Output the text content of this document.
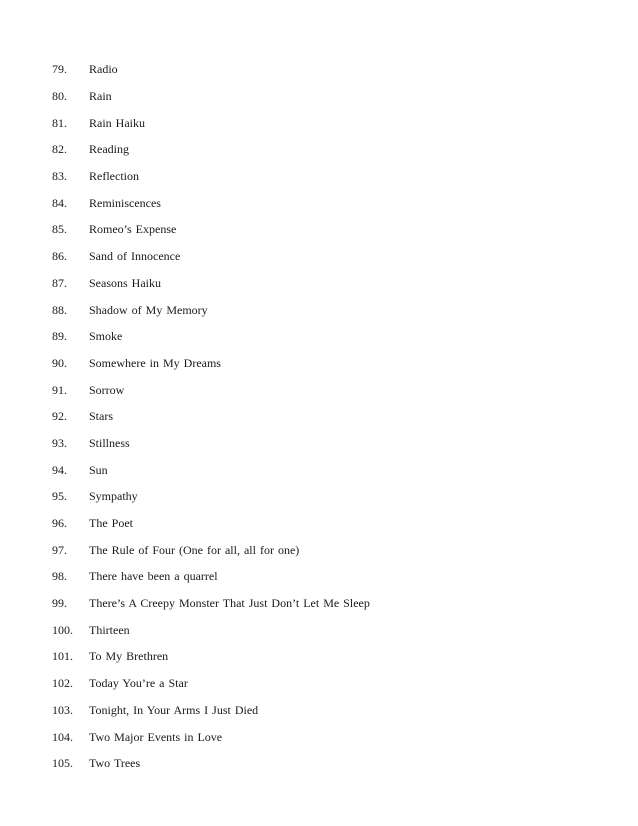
79.	Radio
80.	Rain
81.	Rain Haiku
82.	Reading
83.	Reflection
84.	Reminiscences
85.	Romeo’s Expense
86.	Sand of Innocence
87.	Seasons Haiku
88.	Shadow of My Memory
89.	Smoke
90.	Somewhere in My Dreams
91.	Sorrow
92.	Stars
93.	Stillness
94.	Sun
95.	Sympathy
96.	The Poet
97.	The Rule of Four (One for all, all for one)
98.	There have been a quarrel
99.	There’s A Creepy Monster That Just Don’t Let Me Sleep
100.	Thirteen
101.	To My Brethren
102.	Today You’re a Star
103.	Tonight, In Your Arms I Just Died
104.	Two Major Events in Love
105.	Two Trees
